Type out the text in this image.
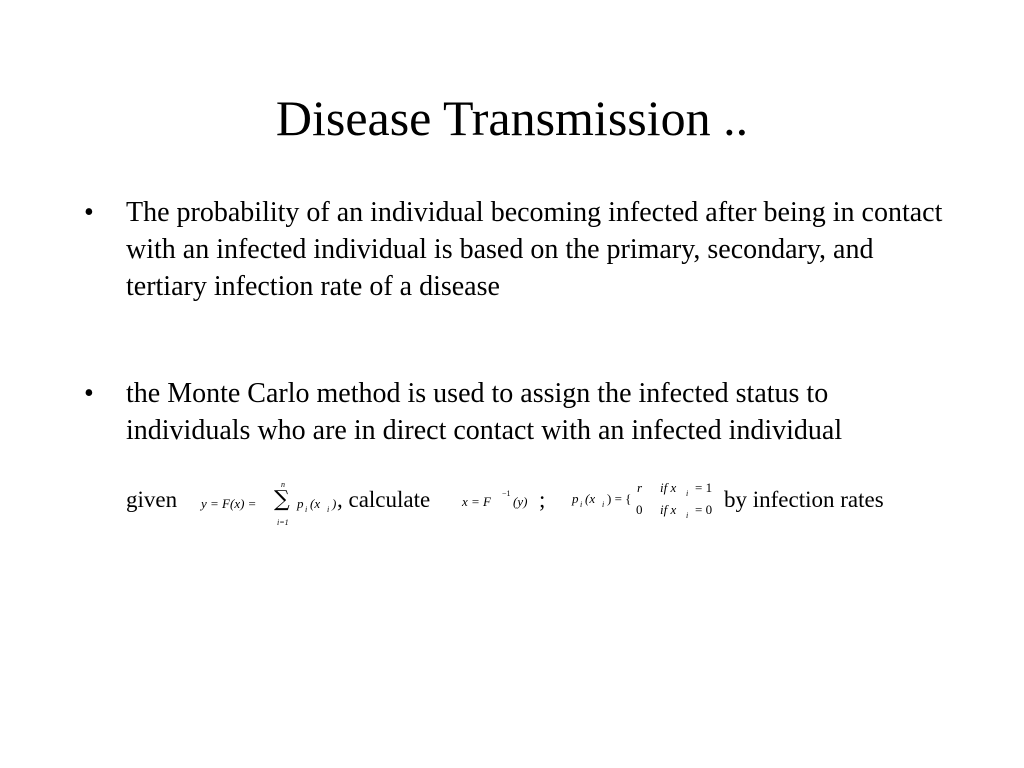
Disease Transmission ..
•	The probability of an individual becoming infected after being in contact with an infected individual is based on the primary, secondary, and tertiary infection rate of a disease
•	the Monte Carlo method is used to assign the infected status to individuals who are in direct contact with an infected individual
given y = F(x) = ∑
n
i=1
p i (x i ) , calculate x = F
−1
(y) ; p i (x i ) = {
r if x i = 1
0 if x i = 0 by infection rates
